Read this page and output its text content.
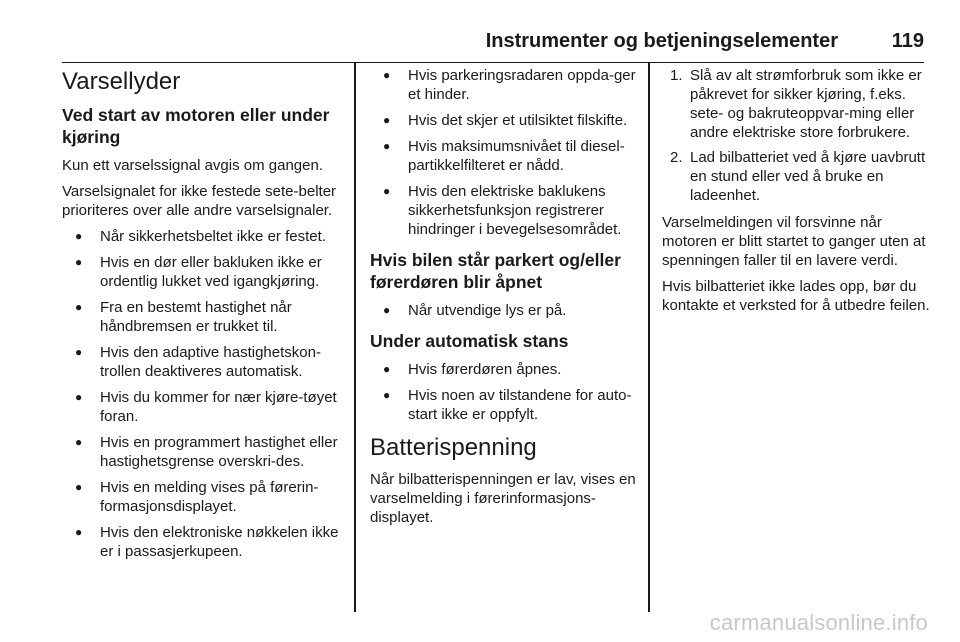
Instrumenter og betjeningselementer	119
Varsellyder
Ved start av motoren eller under kjøring

Kun ett varselssignal avgis om gangen.

Varselsignalet for ikke festede sete-belter prioriteres over alle andre varselsignaler.

● Når sikkerhetsbeltet ikke er festet.
● Hvis en dør eller bakluken ikke er ordentlig lukket ved igangkjøring.
● Fra en bestemt hastighet når håndbremsen er trukket til.
● Hvis den adaptive hastighetskon-trollen deaktiveres automatisk.
● Hvis du kommer for nær kjøre-tøyet foran.
● Hvis en programmert hastighet eller hastighetsgrense overskri-des.
● Hvis en melding vises på førerin-formasjonsdisplayet.
● Hvis den elektroniske nøkkelen ikke er i passasjerkupeen.
● Hvis parkeringsradaren oppda-ger et hinder.
● Hvis det skjer et utilsiktet filskifte.
● Hvis maksimumsnivået til diesel-partikkelfilteret er nådd.
● Hvis den elektriske baklukens sikkerhetsfunksjon registrerer hindringer i bevegelsesområdet.
Hvis bilen står parkert og/eller førerdøren blir åpnet
● Når utvendige lys er på.
Under automatisk stans
● Hvis førerdøren åpnes.
● Hvis noen av tilstandene for auto-start ikke er oppfylt.
Batterispenning

Når bilbatterispenningen er lav, vises en varselmelding i førerinformasjons-displayet.

1. Slå av alt strømforbruk som ikke er påkrevet for sikker kjøring, f.eks. sete- og bakruteoppvar-ming eller andre elektriske store forbrukere.
2. Lad bilbatteriet ved å kjøre uavbrutt en stund eller ved å bruke en ladeenhet.

Varselmeldingen vil forsvinne når motoren er blitt startet to ganger uten at spenningen faller til en lavere verdi.

Hvis bilbatteriet ikke lades opp, bør du kontakte et verksted for å utbedre feilen.

carmanualsonline.info
